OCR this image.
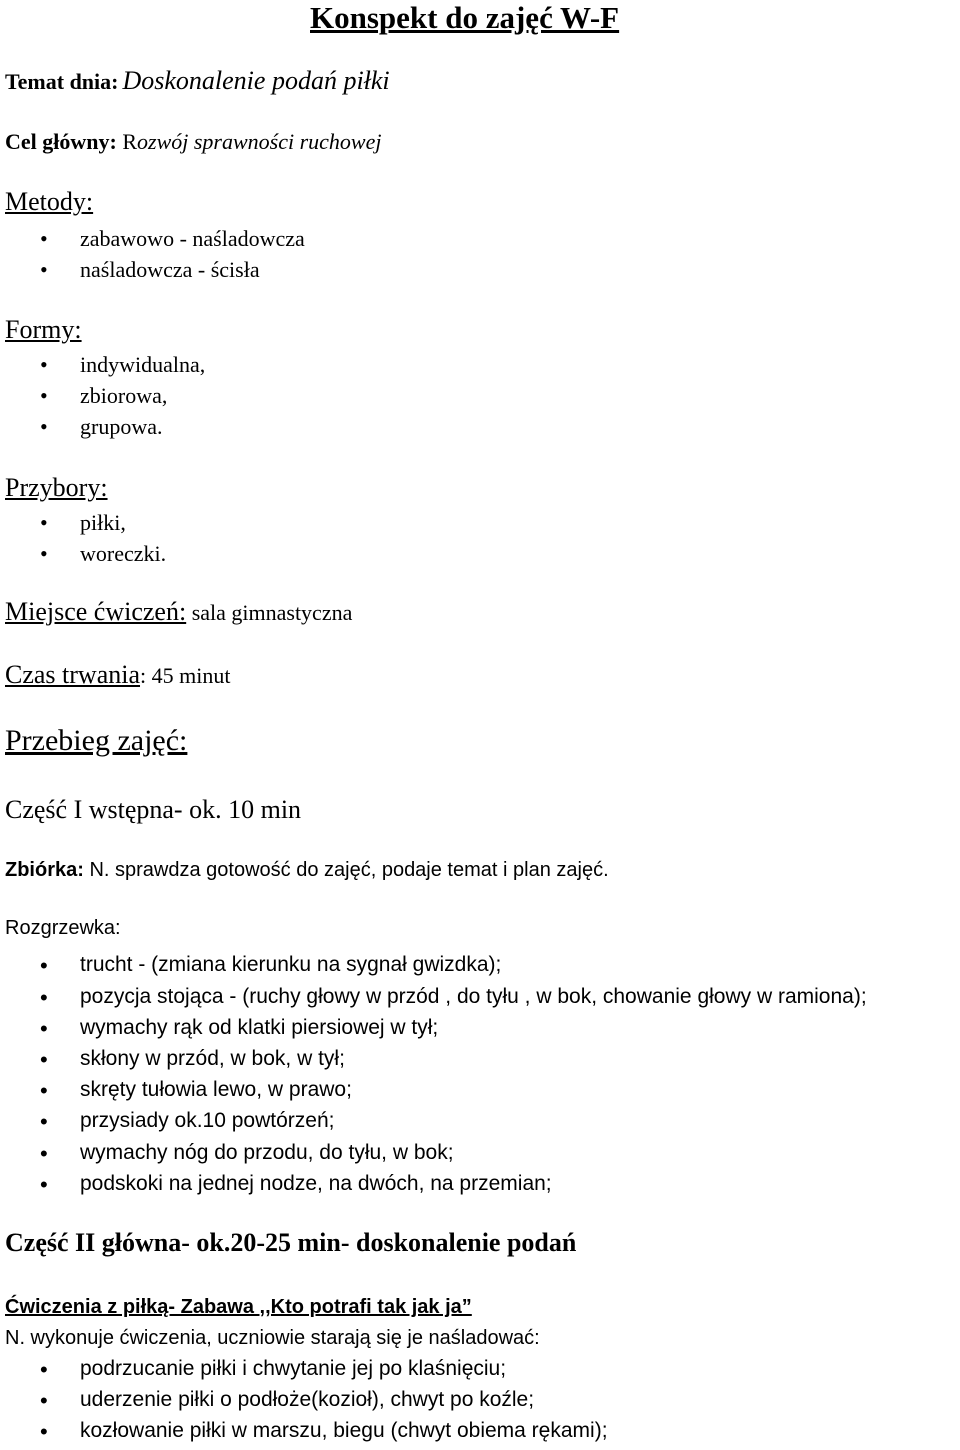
Konspekt do zajęć W-F
Temat dnia: Doskonalenie podań piłki
Cel główny: Rozwój sprawności ruchowej
Metody:
• zabawowo - naśladowcza
• naśladowcza - ścisła
Formy:
• indywidualna,
• zbiorowa,
• grupowa.
Przybory:
• piłki,
• woreczki.
Miejsce ćwiczeń: sala gimnastyczna
Czas trwania: 45 minut
Przebieg zajęć:
Część I wstępna- ok. 10 min
Zbiórka: N. sprawdza gotowość do zajęć, podaje temat i plan zajęć.
Rozgrzewka:
• trucht - (zmiana kierunku na sygnał gwizdka);
• pozycja stojąca - (ruchy głowy w przód , do tyłu , w bok, chowanie głowy w ramiona);
• wymachy rąk od klatki piersiowej w tył;
• skłony w przód, w bok, w tył;
• skręty tułowia lewo, w prawo;
• przysiady ok.10 powtórzeń;
• wymachy nóg do przodu, do tyłu, w bok;
• podskoki na jednej nodze, na dwóch, na przemian;
Część II główna- ok.20-25 min- doskonalenie podań
Ćwiczenia z piłką- Zabawa ,,Kto potrafi tak jak ja”
N. wykonuje ćwiczenia, uczniowie starają się je naśladować:
• podrzucanie piłki i chwytanie jej po klaśnięciu;
• uderzenie piłki o podłoże(kozioł), chwyt po koźle;
• kozłowanie piłki w marszu, biegu (chwyt obiema rękami);
